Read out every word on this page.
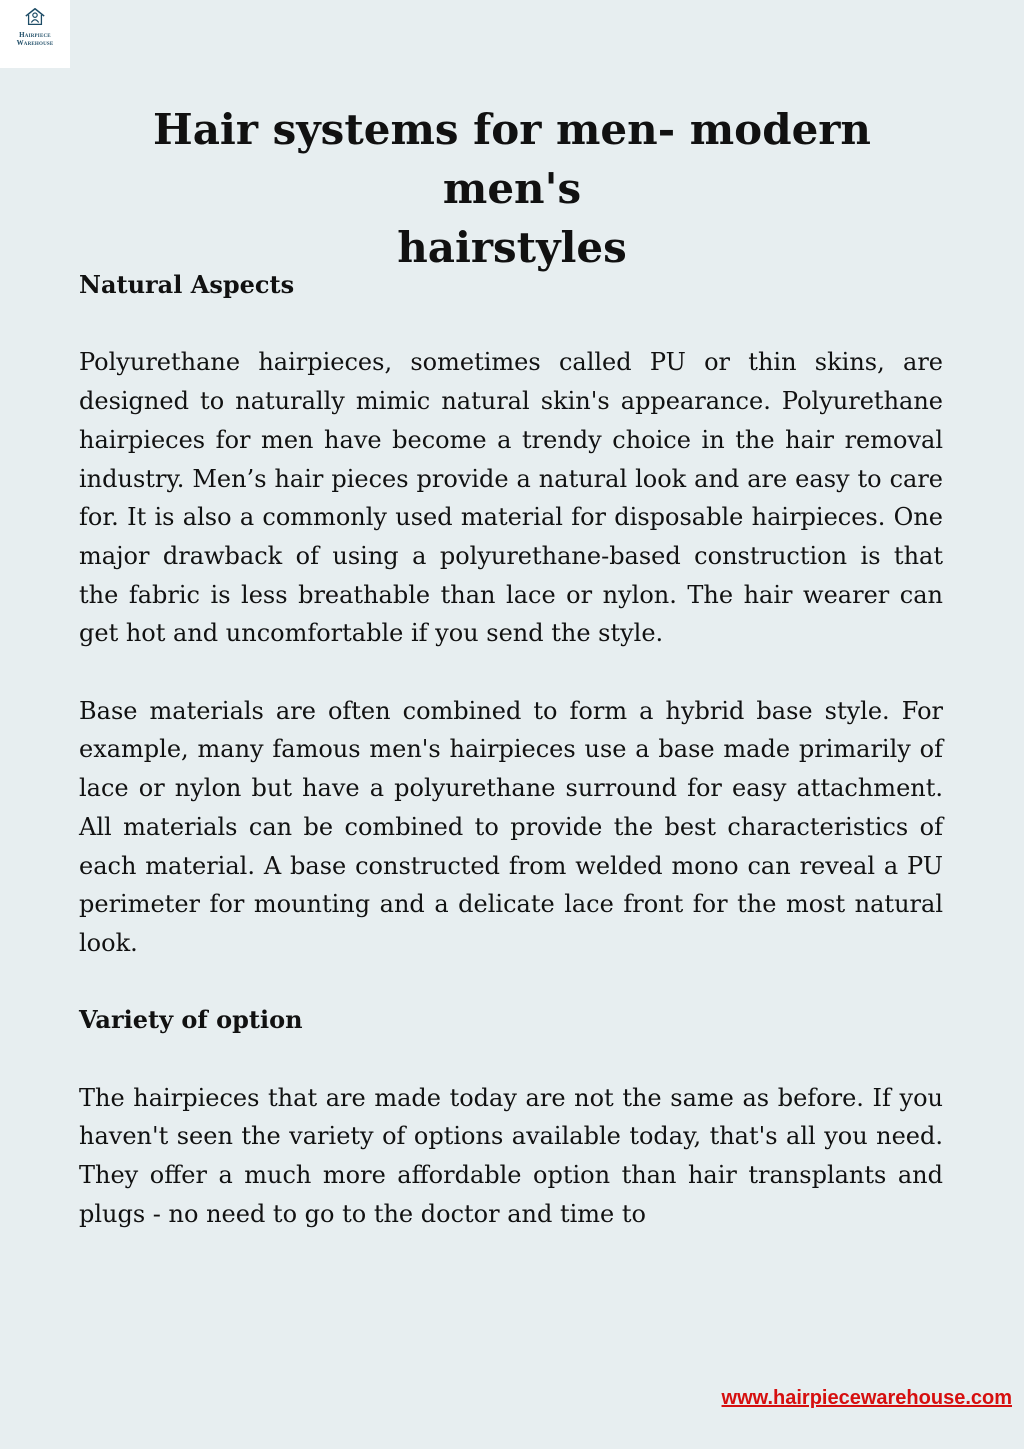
Hairpiece
Warehouse
Hair systems for men- modern men's
hairstyles

Natural Aspects

Polyurethane hairpieces, sometimes called PU or thin skins, are designed to naturally mimic natural skin's appearance. Polyurethane hairpieces for men have become a trendy choice in the hair removal industry. Men’s hair pieces provide a natural look and are easy to care for. It is also a commonly used material for disposable hairpieces. One major drawback of using a polyurethane-based construction is that the fabric is less breathable than lace or nylon. The hair wearer can get hot and uncomfortable if you send the style.

Base materials are often combined to form a hybrid base style. For example, many famous men's hairpieces use a base made primarily of lace or nylon but have a polyurethane surround for easy attachment. All materials can be combined to provide the best characteristics of each material. A base constructed from welded mono can reveal a PU perimeter for mounting and a delicate lace front for the most natural look.

Variety of option

The hairpieces that are made today are not the same as before. If you haven't seen the variety of options available today, that's all you need. They offer a much more affordable option than hair transplants and plugs - no need to go to the doctor and time to

www.hairpiecewarehouse.com
